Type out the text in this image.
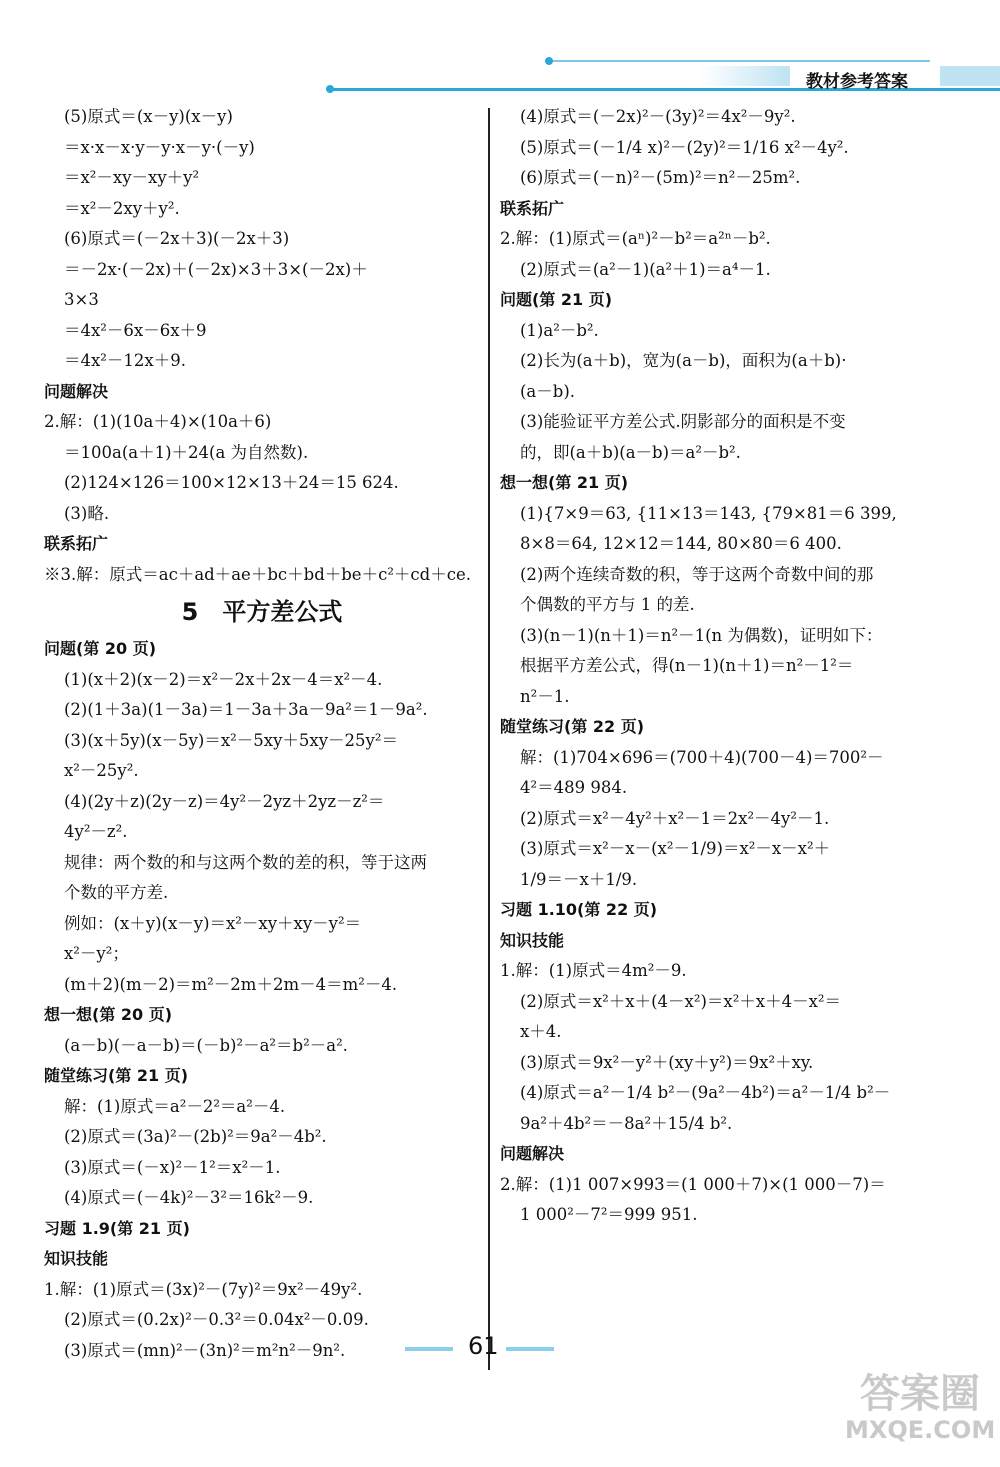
教材参考答案
(5)原式＝(x－y)(x－y)
＝x·x－x·y－y·x－y·(－y)
＝x²－xy－xy＋y²
＝x²－2xy＋y².
(6)原式＝(－2x＋3)(－2x＋3)
＝－2x·(－2x)＋(－2x)×3＋3×(－2x)＋
3×3
＝4x²－6x－6x＋9
＝4x²－12x＋9.
问题解决
2.解：(1)(10a＋4)×(10a＋6)
＝100a(a＋1)＋24(a 为自然数).
(2)124×126＝100×12×13＋24＝15 624.
(3)略.
联系拓广
※3.解：原式＝ac＋ad＋ae＋bc＋bd＋be＋c²＋cd＋ce.
5　平方差公式
问题(第 20 页)
(1)(x＋2)(x－2)＝x²－2x＋2x－4＝x²－4.
(2)(1＋3a)(1－3a)＝1－3a＋3a－9a²＝1－9a².
(3)(x＋5y)(x－5y)＝x²－5xy＋5xy－25y²＝
x²－25y².
(4)(2y＋z)(2y－z)＝4y²－2yz＋2yz－z²＝
4y²－z².
规律：两个数的和与这两个数的差的积，等于这两
个数的平方差.
例如：(x＋y)(x－y)＝x²－xy＋xy－y²＝
x²－y²；
(m＋2)(m－2)＝m²－2m＋2m－4＝m²－4.
想一想(第 20 页)
(a－b)(－a－b)＝(－b)²－a²＝b²－a².
随堂练习(第 21 页)
解：(1)原式＝a²－2²＝a²－4.
(2)原式＝(3a)²－(2b)²＝9a²－4b².
(3)原式＝(－x)²－1²＝x²－1.
(4)原式＝(－4k)²－3²＝16k²－9.
习题 1.9(第 21 页)
知识技能
1.解：(1)原式＝(3x)²－(7y)²＝9x²－49y².
(2)原式＝(0.2x)²－0.3²＝0.04x²－0.09.
(3)原式＝(mn)²－(3n)²＝m²n²－9n².
(4)原式＝(－2x)²－(3y)²＝4x²－9y².
(5)原式＝(－1/4 x)²－(2y)²＝1/16 x²－4y².
(6)原式＝(－n)²－(5m)²＝n²－25m².
联系拓广
2.解：(1)原式＝(aⁿ)²－b²＝a²ⁿ－b².
(2)原式＝(a²－1)(a²＋1)＝a⁴－1.
问题(第 21 页)
(1)a²－b².
(2)长为(a＋b)，宽为(a－b)，面积为(a＋b)·
(a－b).
(3)能验证平方差公式.阴影部分的面积是不变
的，即(a＋b)(a－b)＝a²－b².
想一想(第 21 页)
(1){7×9＝63, {11×13＝143, {79×81＝6 399,
8×8＝64, 12×12＝144, 80×80＝6 400.
(2)两个连续奇数的积，等于这两个奇数中间的那
个偶数的平方与 1 的差.
(3)(n－1)(n＋1)＝n²－1(n 为偶数)，证明如下：
根据平方差公式，得(n－1)(n＋1)＝n²－1²＝
n²－1.
随堂练习(第 22 页)
解：(1)704×696＝(700＋4)(700－4)＝700²－
4²＝489 984.
(2)原式＝x²－4y²＋x²－1＝2x²－4y²－1.
(3)原式＝x²－x－(x²－1/9)＝x²－x－x²＋
1/9＝－x＋1/9.
习题 1.10(第 22 页)
知识技能
1.解：(1)原式＝4m²－9.
(2)原式＝x²＋x＋(4－x²)＝x²＋x＋4－x²＝
x＋4.
(3)原式＝9x²－y²＋(xy＋y²)＝9x²＋xy.
(4)原式＝a²－1/4 b²－(9a²－4b²)＝a²－1/4 b²－
9a²＋4b²＝－8a²＋15/4 b².
问题解决
2.解：(1)1 007×993＝(1 000＋7)×(1 000－7)＝
1 000²－7²＝999 951.
61
答案圈
MXQE.COM
